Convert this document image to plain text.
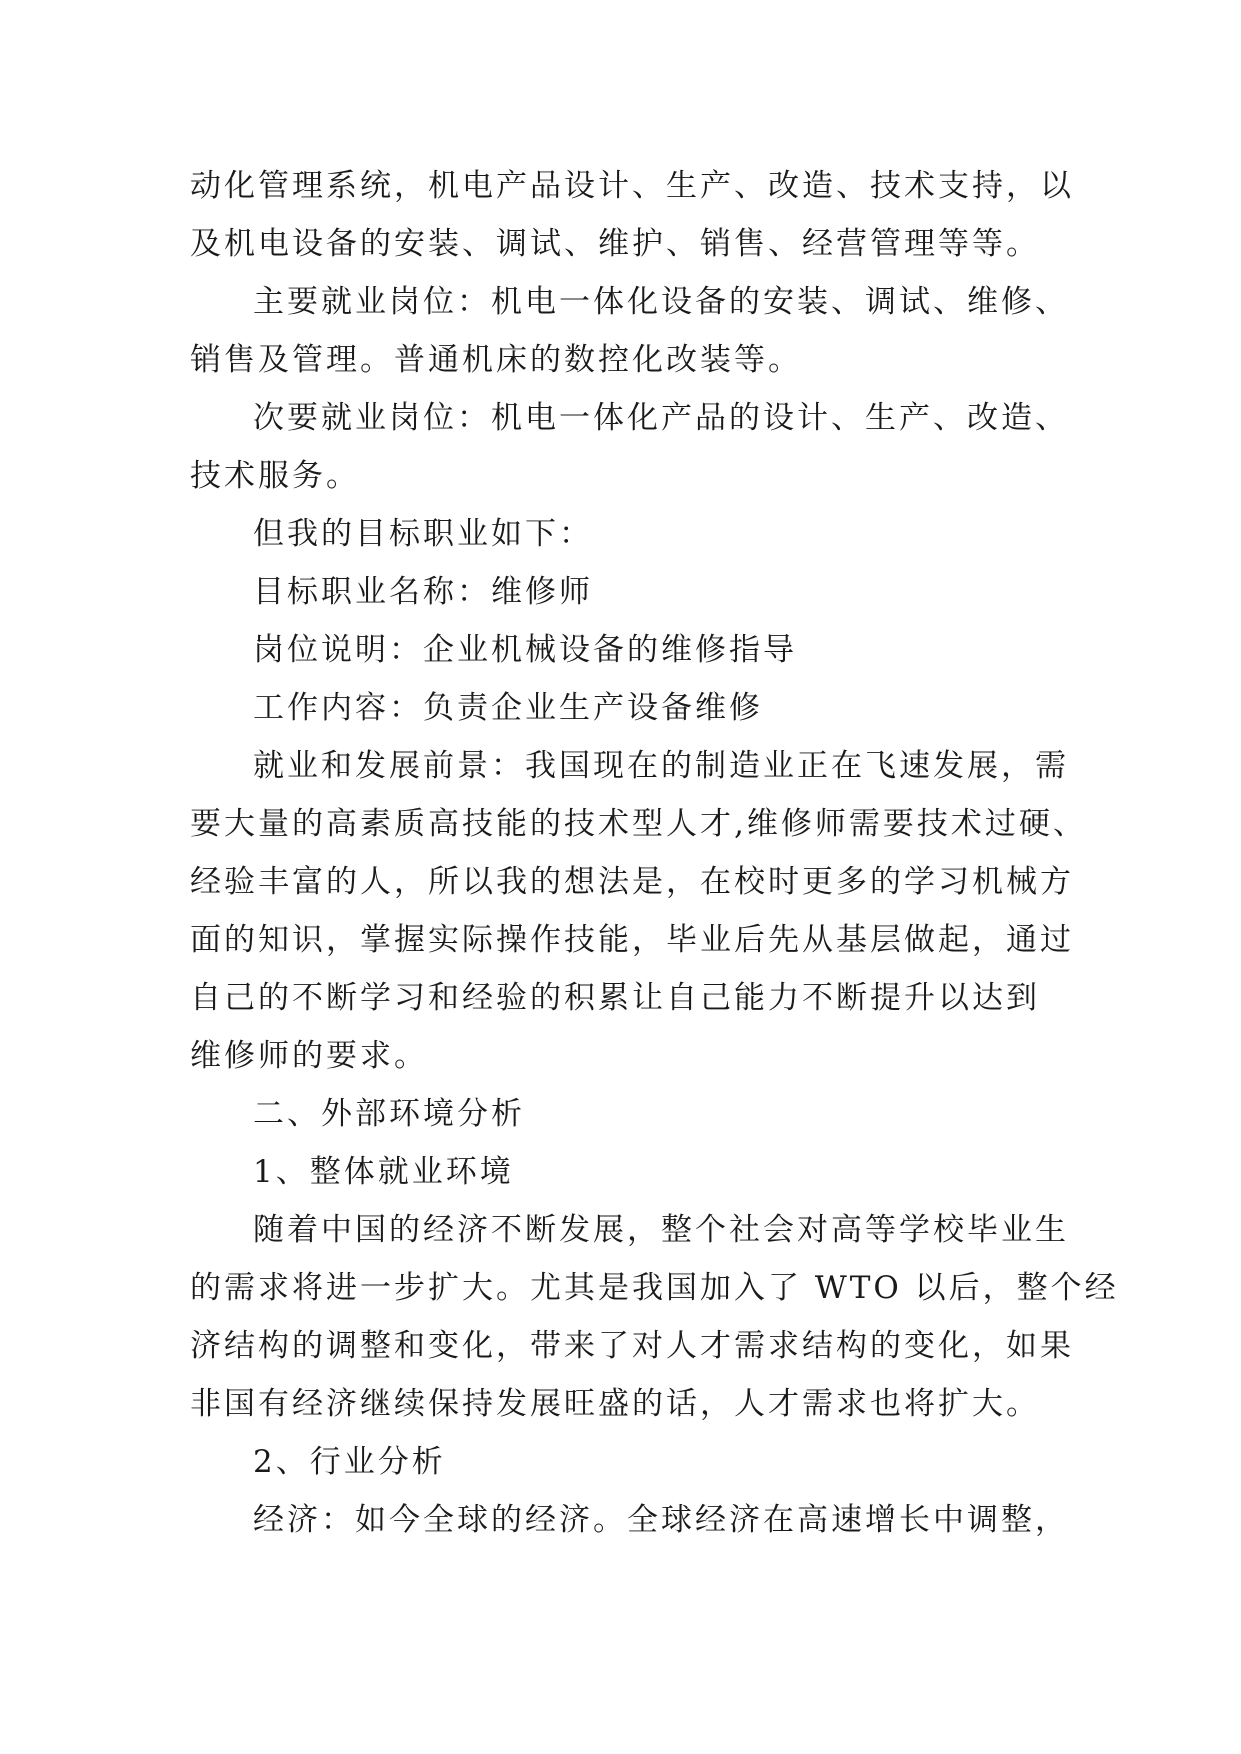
动化管理系统，机电产品设计、生产、改造、技术支持，以
及机电设备的安装、调试、维护、销售、经营管理等等。
主要就业岗位：机电一体化设备的安装、调试、维修、
销售及管理。普通机床的数控化改装等。
次要就业岗位：机电一体化产品的设计、生产、改造、
技术服务。
但我的目标职业如下：
目标职业名称：维修师
岗位说明：企业机械设备的维修指导
工作内容：负责企业生产设备维修
就业和发展前景：我国现在的制造业正在飞速发展，需
要大量的高素质高技能的技术型人才,维修师需要技术过硬、
经验丰富的人，所以我的想法是，在校时更多的学习机械方
面的知识，掌握实际操作技能，毕业后先从基层做起，通过
自己的不断学习和经验的积累让自己能力不断提升以达到
维修师的要求。
二、外部环境分析
1、整体就业环境
随着中国的经济不断发展，整个社会对高等学校毕业生
的需求将进一步扩大。尤其是我国加入了 WTO 以后，整个经
济结构的调整和变化，带来了对人才需求结构的变化，如果
非国有经济继续保持发展旺盛的话，人才需求也将扩大。
2、行业分析
经济：如今全球的经济。全球经济在高速增长中调整，
